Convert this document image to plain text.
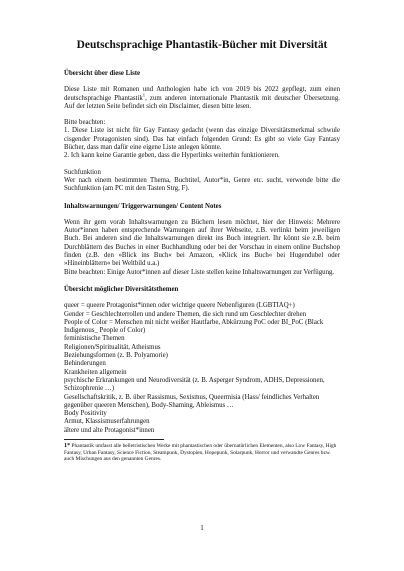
Deutschsprachige Phantastik-Bücher mit Diversität

Übersicht über diese Liste

Diese Liste mit Romanen und Anthologien habe ich von 2019 bis 2022 gepflegt, zum einen deutschsprachige Phantastik$^1$, zum anderen internationale Phantastik mit deutscher Übersetzung. Auf der letzten Seite befindet sich ein Disclaimer, diesen bitte lesen.

Bitte beachten:

1. Diese Liste ist nicht für Gay Fantasy gedacht (wenn das einzige Diversitätsmerkmal schwule cisgender Protagonisten sind). Das hat einfach folgenden Grund: Es gibt so viele Gay Fantasy Bücher, dass man dafür eine eigene Liste anlegen könnte.

2. Ich kann keine Garantie geben, dass die Hyperlinks weiterhin funktionieren.

Suchfunktion

Wer nach einem bestimmten Thema, Buchtitel, Autor*in, Genre etc. sucht, verwende bitte die Suchfunktion (am PC mit den Tasten Strg, F).

Inhaltswarnungen/ Triggerwarnungen/ Content Notes

Wenn ihr gern vorab Inhaltswarnungen zu Büchern lesen möchtet, hier der Hinweis: Mehrere Autor*innen haben entsprechende Warnungen auf ihrer Webseite, z.B. verlinkt beim jeweiligen Buch. Bei anderen sind die Inhaltswarnungen direkt ins Buch integriert. Ihr könnt sie z.B. beim Durchblättern des Buches in einer Buchhandlung oder bei der Vorschau in einem online Buchshop finden (z.B. den »Blick ins Buch« bei Amazon, »Klick ins Buch« bei Hugendubel oder »Hineinblättern« bei Weltbild u.a.)

Bitte beachten: Einige Autor*innen auf dieser Liste stellen keine Inhaltswarnungen zur Verfügung.

Übersicht möglicher Diversitätsthemen

queer = queere Protagonist*innen oder wichtige queere Nebenfiguren (LGBTIAQ+)

Gender = Geschlechterrollen und andere Themen, die sich rund um Geschlechter drehen

People of Color = Menschen mit nicht weißer Hautfarbe, Abkürzung PoC oder BI_PoC (Black Indigenous_ People of Color)

feministische Themen

Religionen/Spiritualität, Atheismus

Beziehungsformen (z. B. Polyamorie)

Behinderungen

Krankheiten allgemein

psychische Erkrankungen und Neurodiversität (z. B. Asperger Syndrom, ADHS, Depressionen, Schizophrenie …)

Gesellschaftskritik, z. B. über Rassismus, Sexismus, Queermisia (Hass/ feindliches Verhalten gegenüber queeren Menschen), Body-Shaming, Ableismus …

Body Positivity

Armut, Klassismuserfahrungen

ältere und alte Protagonist*innen

1* Phantastik umfasst alle belletristischen Werke mit phantastischen oder übernatürlichen Elementen, also Low Fantasy, High Fantasy, Urban Fantasy, Science Fiction, Steampunk, Dystopien, Hopepunk, Solarpunk, Horror und verwandte Genres bzw. auch Mischungen aus den genannten Genres.

1
